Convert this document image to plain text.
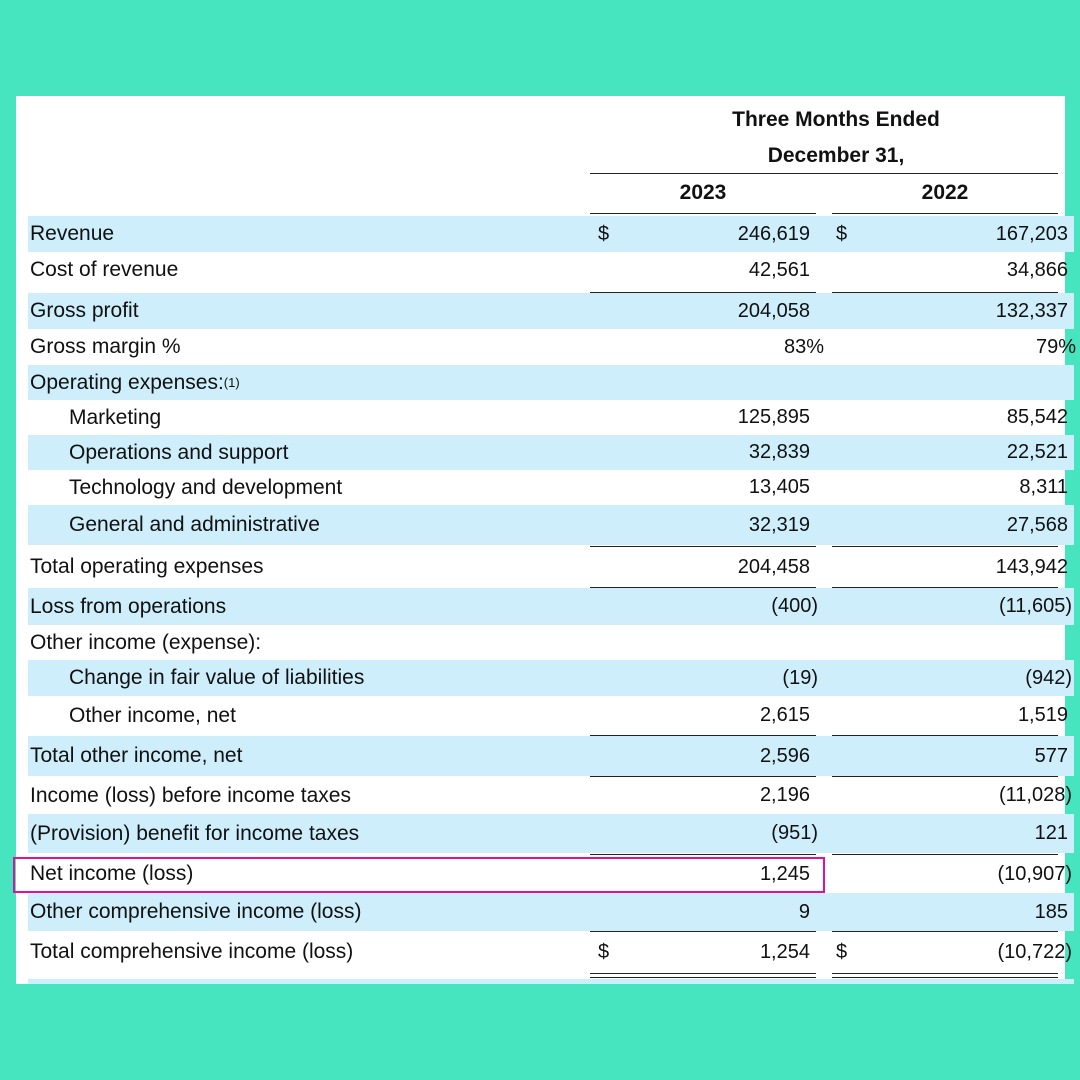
Three Months Ended
December 31,
2023	2022
Revenue	$	246,619 $	167,203
Cost of revenue	42,561	34,866
Gross profit	204,058	132,337
Gross margin %	83%	79%
Operating expenses: (1)
Marketing	125,895	85,542
Operations and support	32,839	22,521
Technology and development	13,405	8,311
General and administrative	32,319	27,568
Total operating expenses	204,458	143,942
Loss from operations	(400)	(11,605)
Other income (expense):
Change in fair value of liabilities	(19)	(942)
Other income, net	2,615	1,519
Total other income, net	2,596	577
Income (loss) before income taxes	2,196	(11,028)
(Provision) benefit for income taxes	(951)	121
Net income (loss)	1,245	(10,907)
Other comprehensive income (loss)	9	185
Total comprehensive income (loss)	$	1,254 $	(10,722)
